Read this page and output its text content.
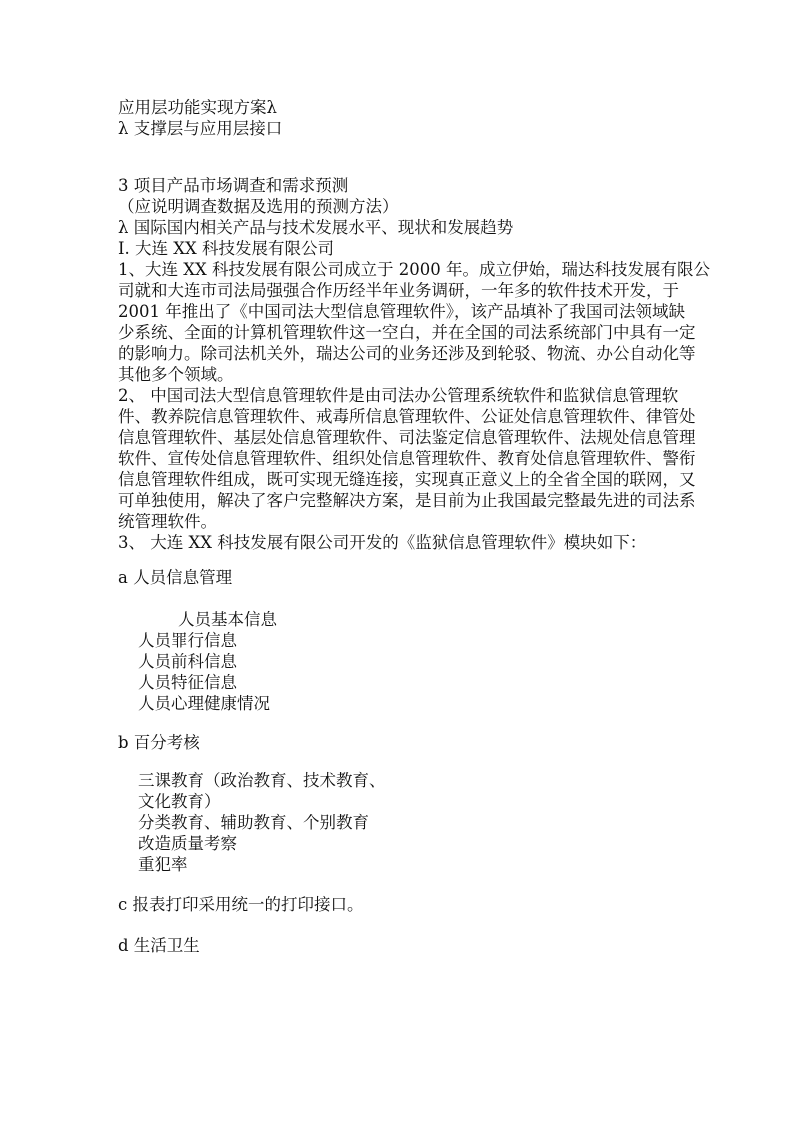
应用层功能实现方案λ
λ 支撑层与应用层接口
3 项目产品市场调查和需求预测
（应说明调查数据及选用的预测方法）
λ 国际国内相关产品与技术发展水平、现状和发展趋势
I. 大连 XX 科技发展有限公司
1、大连 XX 科技发展有限公司成立于 2000 年。成立伊始，瑞达科技发展有限公
司就和大连市司法局强强合作历经半年业务调研，一年多的软件技术开发，于
2001 年推出了《中国司法大型信息管理软件》，该产品填补了我国司法领域缺
少系统、全面的计算机管理软件这一空白，并在全国的司法系统部门中具有一定
的影响力。除司法机关外，瑞达公司的业务还涉及到轮驳、物流、办公自动化等
其他多个领域。
2、 中国司法大型信息管理软件是由司法办公管理系统软件和监狱信息管理软
件、教养院信息管理软件、戒毒所信息管理软件、公证处信息管理软件、律管处
信息管理软件、基层处信息管理软件、司法鉴定信息管理软件、法规处信息管理
软件、宣传处信息管理软件、组织处信息管理软件、教育处信息管理软件、警衔
信息管理软件组成，既可实现无缝连接，实现真正意义上的全省全国的联网，又
可单独使用，解决了客户完整解决方案，是目前为止我国最完整最先进的司法系
统管理软件。
3、 大连 XX 科技发展有限公司开发的《监狱信息管理软件》模块如下：
a 人员信息管理
人员基本信息
人员罪行信息
人员前科信息
人员特征信息
人员心理健康情况
b 百分考核
三课教育（政治教育、技术教育、
文化教育）
分类教育、辅助教育、个别教育
改造质量考察
重犯率
c 报表打印采用统一的打印接口。
d 生活卫生
